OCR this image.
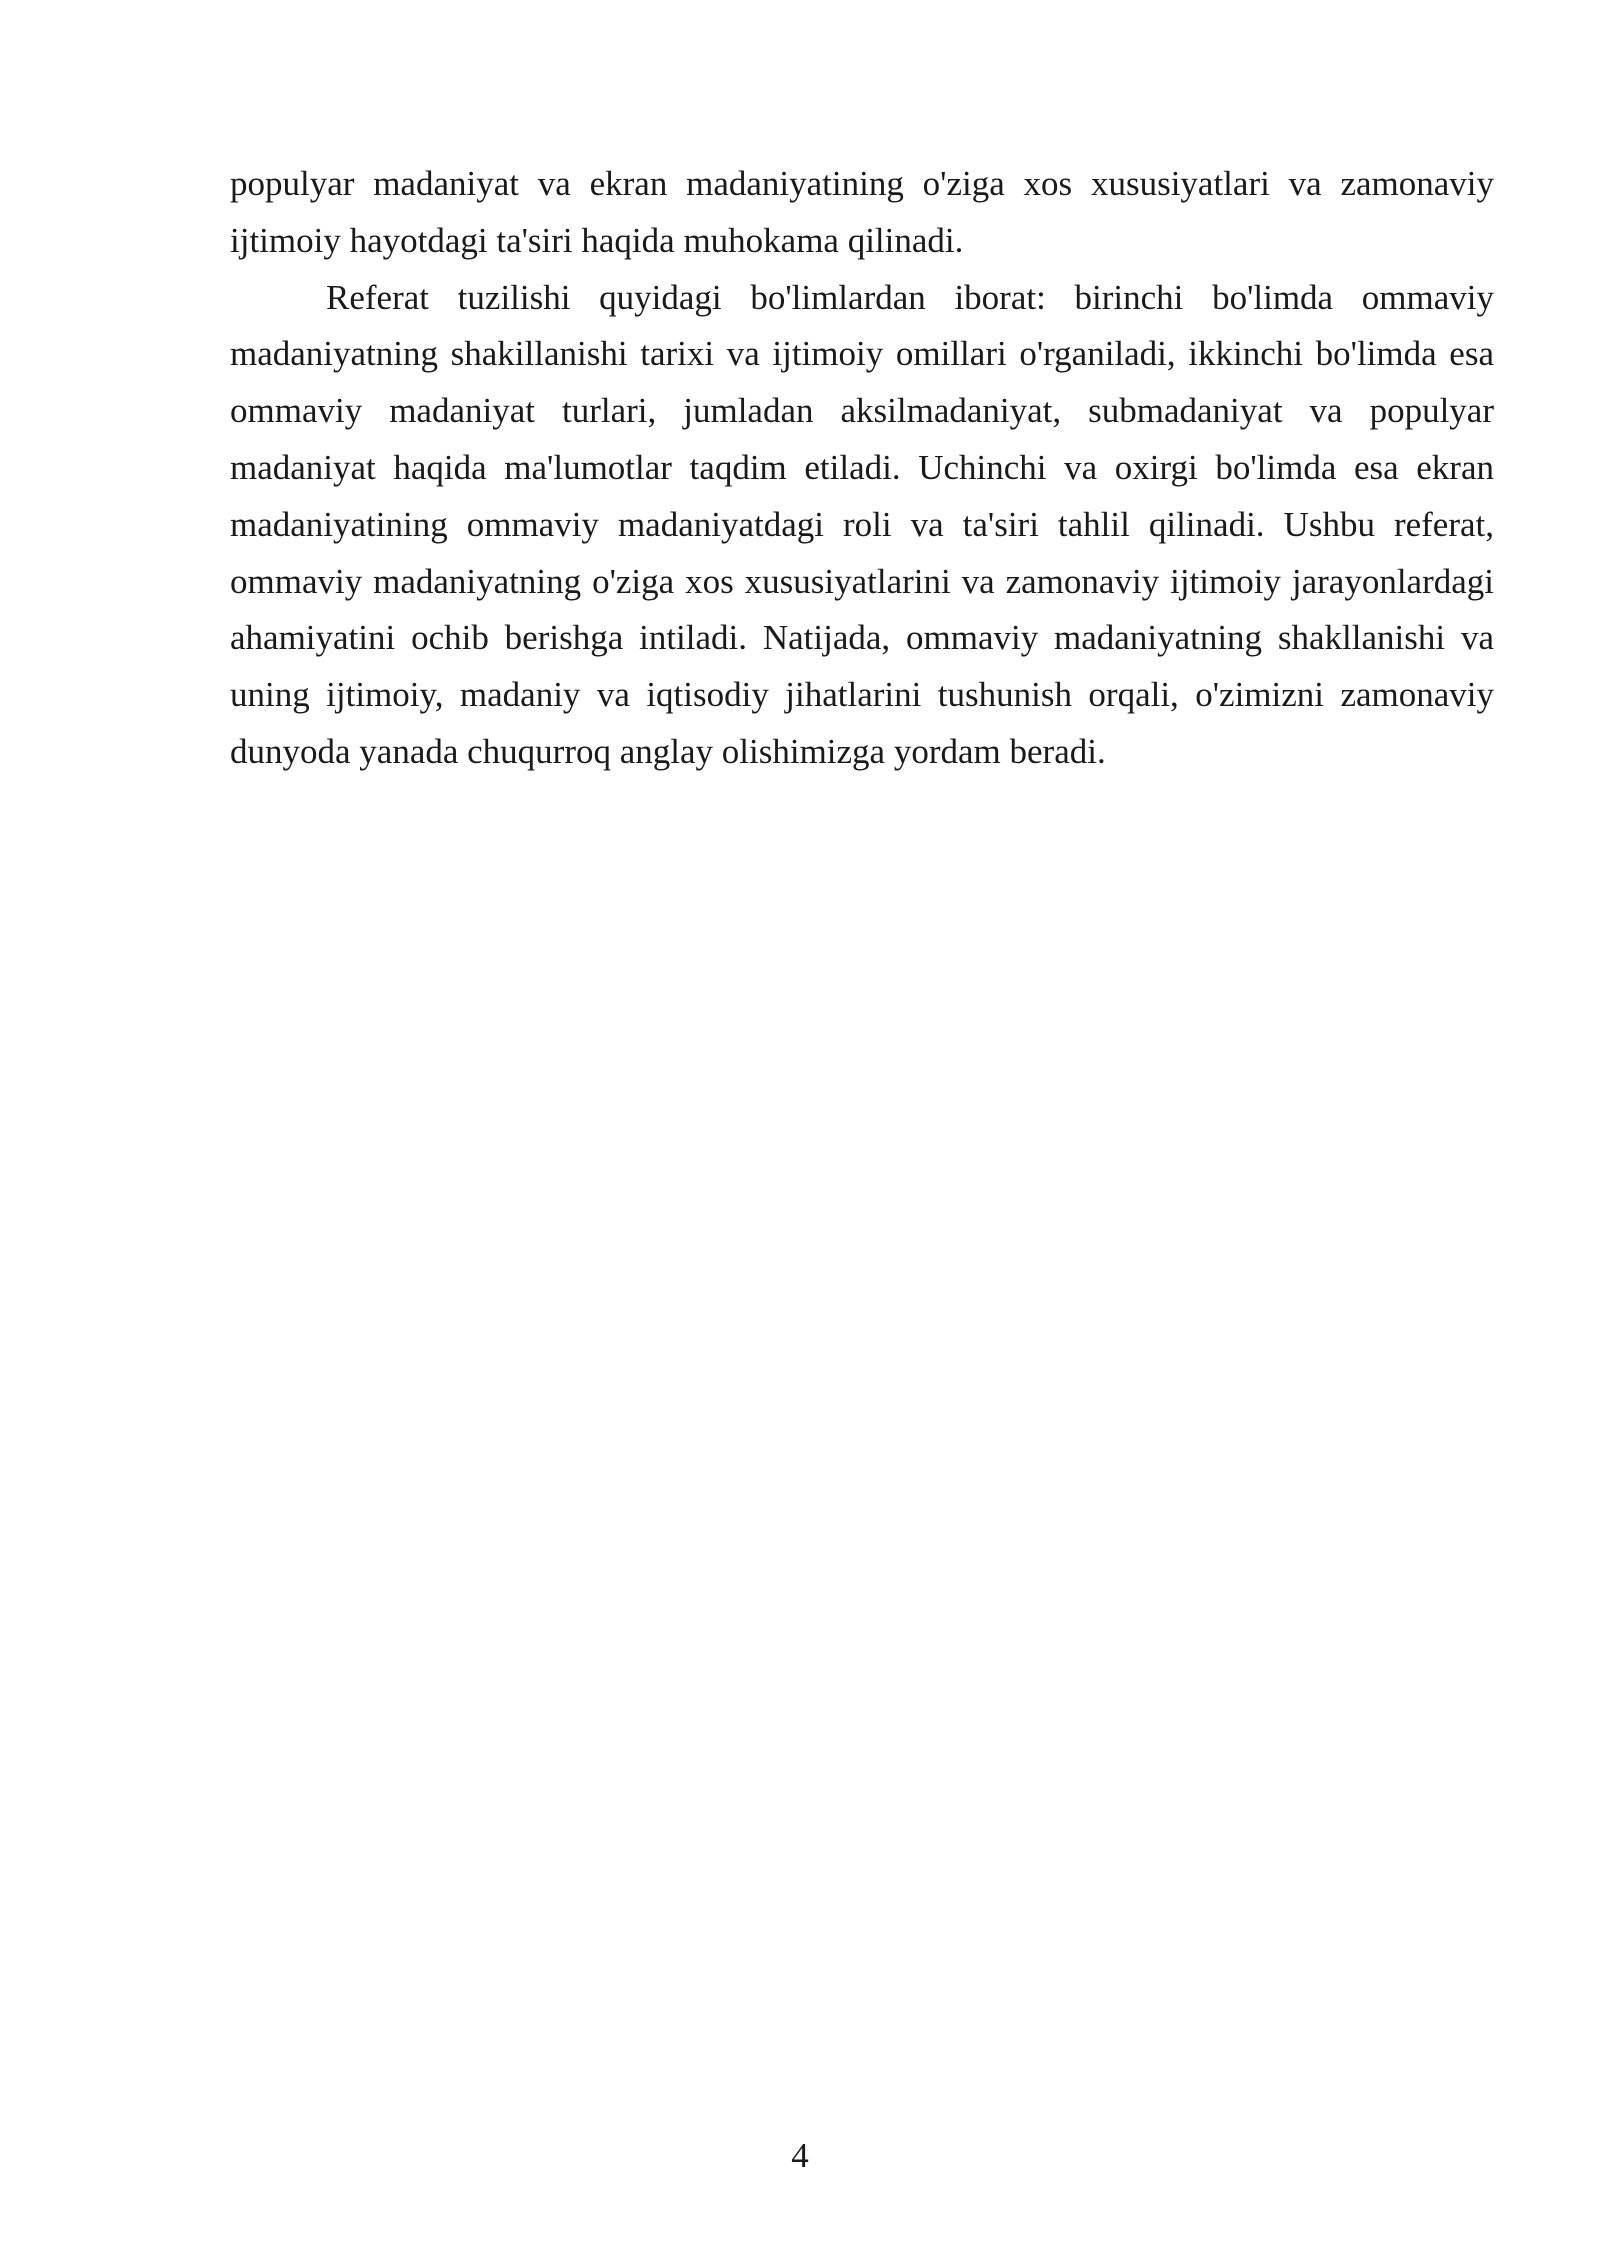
populyar madaniyat va ekran madaniyatining o'ziga xos xususiyatlari va zamonaviy ijtimoiy hayotdagi ta'siri haqida muhokama qilinadi.

Referat tuzilishi quyidagi bo'limlardan iborat: birinchi bo'limda ommaviy madaniyatning shakillanishi tarixi va ijtimoiy omillari o'rganiladi, ikkinchi bo'limda esa ommaviy madaniyat turlari, jumladan aksilmadaniyat, submadaniyat va populyar madaniyat haqida ma'lumotlar taqdim etiladi. Uchinchi va oxirgi bo'limda esa ekran madaniyatining ommaviy madaniyatdagi roli va ta'siri tahlil qilinadi. Ushbu referat, ommaviy madaniyatning o'ziga xos xususiyatlarini va zamonaviy ijtimoiy jarayonlardagi ahamiyatini ochib berishga intiladi. Natijada, ommaviy madaniyatning shakllanishi va uning ijtimoiy, madaniy va iqtisodiy jihatlarini tushunish orqali, o'zimizni zamonaviy dunyoda yanada chuqurroq anglay olishimizga yordam beradi.

4
